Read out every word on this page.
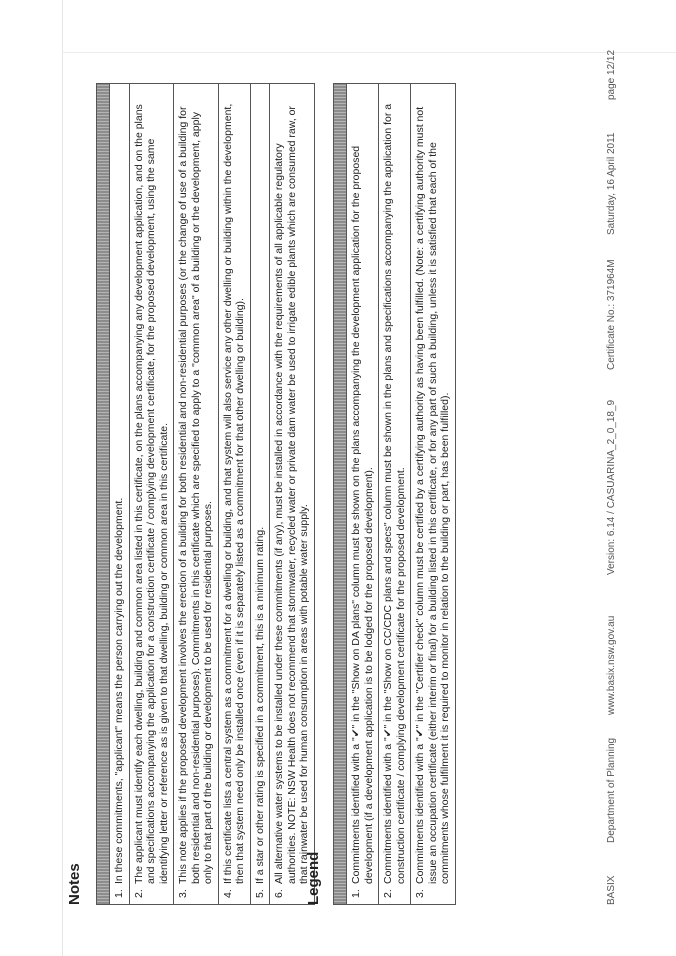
Notes	1.
In these commitments, "applicant" means the person carrying out the development.
2.
The applicant must identify each dwelling, building and common area listed in this certificate, on the plans accompanying any development application, and on the plans and specifications accompanying the application for a construction certificate / complying development certificate, for the proposed development, using the same identifying letter or reference as is given to that dwelling, building or common area in this certificate.
3.
This note applies if the proposed development involves the erection of a building for both residential and non-residential purposes (or the change of use of a building for both residential and non-residential purposes). Commitments in this certificate which are specified to apply to a "common area" of a building or the development, apply only to that part of the building or development to be used for residential purposes.
4.
If this certificate lists a central system as a commitment for a dwelling or building, and that system will also service any other dwelling or building within the development, then that system need only be installed once (even if it is separately listed as a commitment for that other dwelling or building).
5.
If a star or other rating is specified in a commitment, this is a minimum rating.
6.
All alternative water systems to be installed under these commitments (if any), must be installed in accordance with the requirements of all applicable regulatory authorities. NOTE: NSW Health does not recommend that stormwater, recycled water or private dam water be used to irrigate edible plants which are consumed raw, or that rainwater be used for human consumption in areas with potable water supply.
Legend	1.
Commitments identified with a "✔" in the "Show on DA plans" column must be shown on the plans accompanying the development application for the proposed development (if a development application is to be lodged for the proposed development).
2.
Commitments identified with a "✔" in the "Show on CC/CDC plans and specs" column must be shown in the plans and specifications accompanying the application for a construction certificate / complying development certificate for the proposed development.
3.
Commitments identified with a "✔" in the "Certifier check" column must be certified by a certifying authority as having been fulfilled. (Note: a certifying authority must not issue an occupation certificate (either interim or final) for a building listed in this certificate, or for any part of such a building, unless it is satisfied that each of the commitments whose fulfilment it is required to monitor in relation to the building or part, has been fulfilled).
BASIX
Department of Planning
www.basix.nsw.gov.au
Version: 6.14 / CASUARINA_2_0_18_9
Certificate No.: 371964M
Saturday, 16 April 2011
page 12/12
